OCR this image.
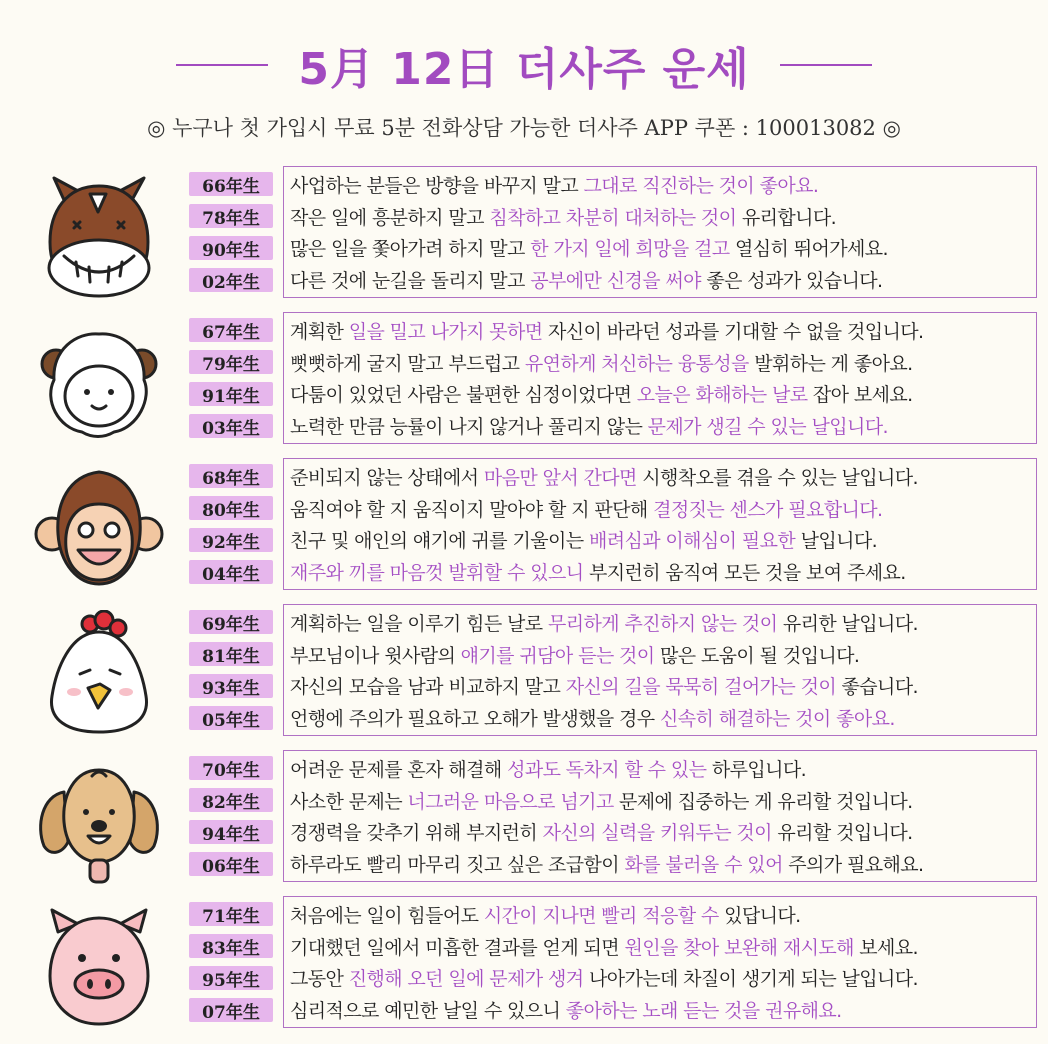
5月 12日 더사주 운세
◎ 누구나 첫 가입시 무료 5분 전화상담 가능한 더사주 APP 쿠폰 : 100013082 ◎
66年生
78年生
90年生
02年生
사업하는 분들은 방향을 바꾸지 말고 그대로 직진하는 것이 좋아요.
작은 일에 흥분하지 말고 침착하고 차분히 대처하는 것이 유리합니다.
많은 일을 쫓아가려 하지 말고 한 가지 일에 희망을 걸고 열심히 뛰어가세요.
다른 것에 눈길을 돌리지 말고 공부에만 신경을 써야 좋은 성과가 있습니다.
67年生
79年生
91年生
03年生
계획한 일을 밀고 나가지 못하면 자신이 바라던 성과를 기대할 수 없을 것입니다.
뻣뻣하게 굴지 말고 부드럽고 유연하게 처신하는 융통성을 발휘하는 게 좋아요.
다툼이 있었던 사람은 불편한 심정이었다면 오늘은 화해하는 날로 잡아 보세요.
노력한 만큼 능률이 나지 않거나 풀리지 않는 문제가 생길 수 있는 날입니다.
68年生
80年生
92年生
04年生
준비되지 않는 상태에서 마음만 앞서 간다면 시행착오를 겪을 수 있는 날입니다.
움직여야 할 지 움직이지 말아야 할 지 판단해 결정짓는 센스가 필요합니다.
친구 및 애인의 얘기에 귀를 기울이는 배려심과 이해심이 필요한 날입니다.
재주와 끼를 마음껏 발휘할 수 있으니 부지런히 움직여 모든 것을 보여 주세요.
69年生
81年生
93年生
05年生
계획하는 일을 이루기 힘든 날로 무리하게 추진하지 않는 것이 유리한 날입니다.
부모님이나 윗사람의 얘기를 귀담아 듣는 것이 많은 도움이 될 것입니다.
자신의 모습을 남과 비교하지 말고 자신의 길을 묵묵히 걸어가는 것이 좋습니다.
언행에 주의가 필요하고 오해가 발생했을 경우 신속히 해결하는 것이 좋아요.
70年生
82年生
94年生
06年生
어려운 문제를 혼자 해결해 성과도 독차지 할 수 있는 하루입니다.
사소한 문제는 너그러운 마음으로 넘기고 문제에 집중하는 게 유리할 것입니다.
경쟁력을 갖추기 위해 부지런히 자신의 실력을 키워두는 것이 유리할 것입니다.
하루라도 빨리 마무리 짓고 싶은 조급함이 화를 불러올 수 있어 주의가 필요해요.
71年生
83年生
95年生
07年生
처음에는 일이 힘들어도 시간이 지나면 빨리 적응할 수 있답니다.
기대했던 일에서 미흡한 결과를 얻게 되면 원인을 찾아 보완해 재시도해 보세요.
그동안 진행해 오던 일에 문제가 생겨 나아가는데 차질이 생기게 되는 날입니다.
심리적으로 예민한 날일 수 있으니 좋아하는 노래 듣는 것을 권유해요.
